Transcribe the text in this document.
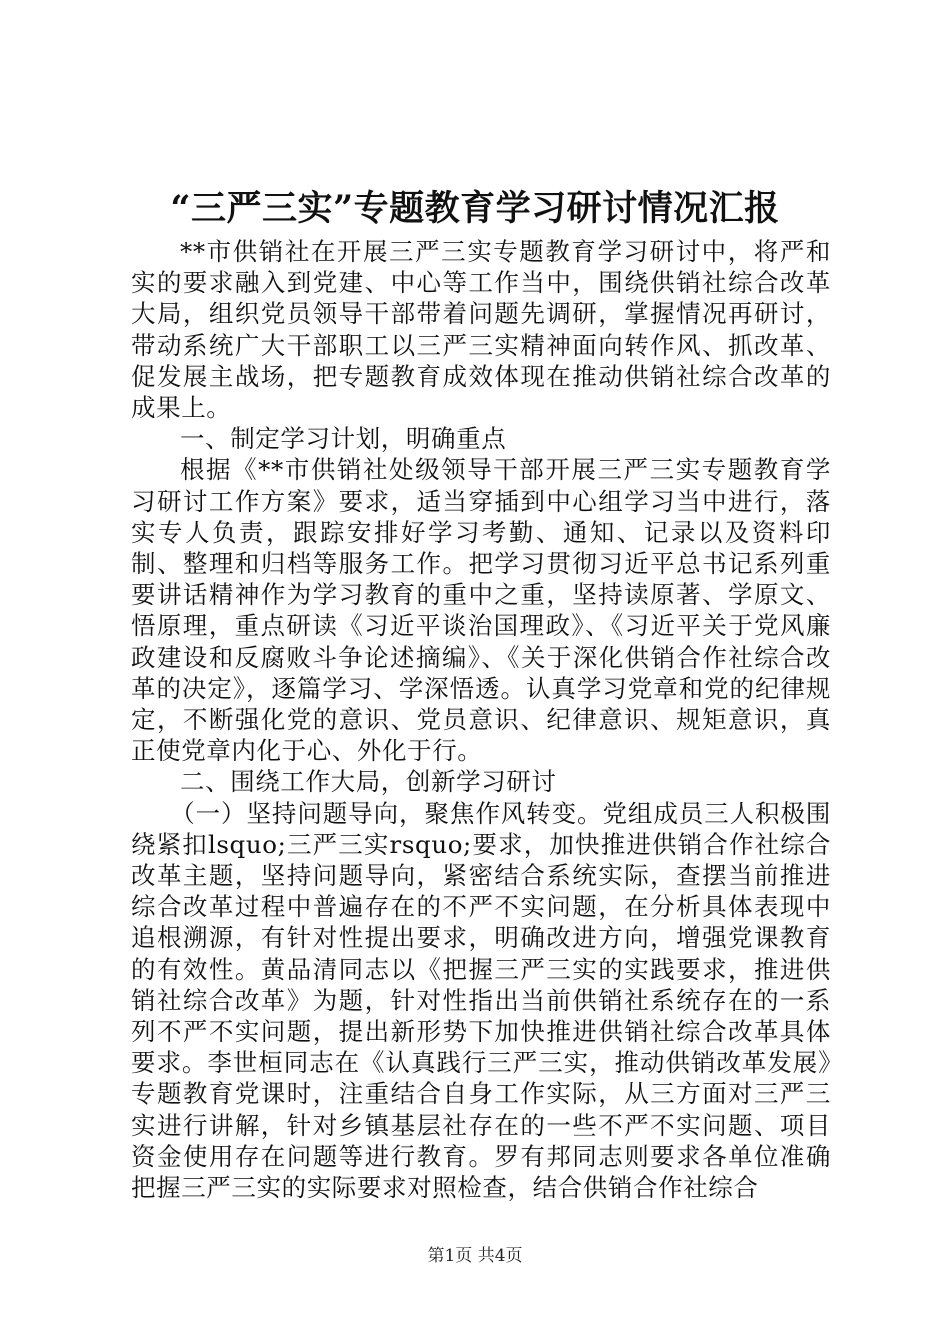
“三严三实”专题教育学习研讨情况汇报

**市供销社在开展三严三实专题教育学习研讨中，将严和实的要求融入到党建、中心等工作当中，围绕供销社综合改革大局，组织党员领导干部带着问题先调研，掌握情况再研讨，带动系统广大干部职工以三严三实精神面向转作风、抓改革、促发展主战场，把专题教育成效体现在推动供销社综合改革的成果上。

一、制定学习计划，明确重点

根据《**市供销社处级领导干部开展三严三实专题教育学习研讨工作方案》要求，适当穿插到中心组学习当中进行，落实专人负责，跟踪安排好学习考勤、通知、记录以及资料印制、整理和归档等服务工作。把学习贯彻习近平总书记系列重要讲话精神作为学习教育的重中之重，坚持读原著、学原文、悟原理，重点研读《习近平谈治国理政》、《习近平关于党风廉政建设和反腐败斗争论述摘编》、《关于深化供销合作社综合改革的决定》，逐篇学习、学深悟透。认真学习党章和党的纪律规定，不断强化党的意识、党员意识、纪律意识、规矩意识，真正使党章内化于心、外化于行。

二、围绕工作大局，创新学习研讨

（一）坚持问题导向，聚焦作风转变。党组成员三人积极围绕紧扣lsquo;三严三实rsquo;要求，加快推进供销合作社综合改革主题，坚持问题导向，紧密结合系统实际，查摆当前推进综合改革过程中普遍存在的不严不实问题，在分析具体表现中追根溯源，有针对性提出要求，明确改进方向，增强党课教育的有效性。黄品清同志以《把握三严三实的实践要求，推进供销社综合改革》为题，针对性指出当前供销社系统存在的一系列不严不实问题，提出新形势下加快推进供销社综合改革具体要求。李世桓同志在《认真践行三严三实，推动供销改革发展》专题教育党课时，注重结合自身工作实际，从三方面对三严三实进行讲解，针对乡镇基层社存在的一些不严不实问题、项目资金使用存在问题等进行教育。罗有邦同志则要求各单位准确把握三严三实的实际要求对照检查，结合供销合作社综合

第1页 共4页
